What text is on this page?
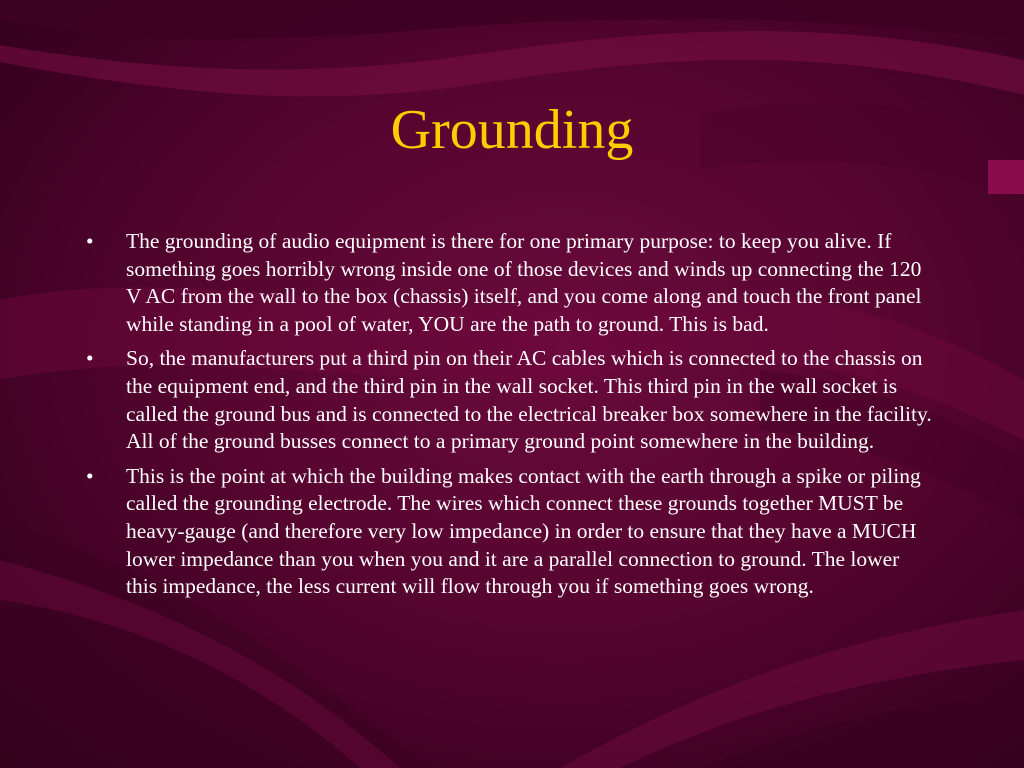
Grounding
• The grounding of audio equipment is there for one primary purpose: to keep you alive. If something goes horribly wrong inside one of those devices and winds up connecting the 120 V AC from the wall to the box (chassis) itself, and you come along and touch the front panel while standing in a pool of water, YOU are the path to ground. This is bad.
• So, the manufacturers put a third pin on their AC cables which is connected to the chassis on the equipment end, and the third pin in the wall socket. This third pin in the wall socket is called the ground bus and is connected to the electrical breaker box somewhere in the facility. All of the ground busses connect to a primary ground point somewhere in the building.
• This is the point at which the building makes contact with the earth through a spike or piling called the grounding electrode. The wires which connect these grounds together MUST be heavy-gauge (and therefore very low impedance) in order to ensure that they have a MUCH lower impedance than you when you and it are a parallel connection to ground. The lower this impedance, the less current will flow through you if something goes wrong.
